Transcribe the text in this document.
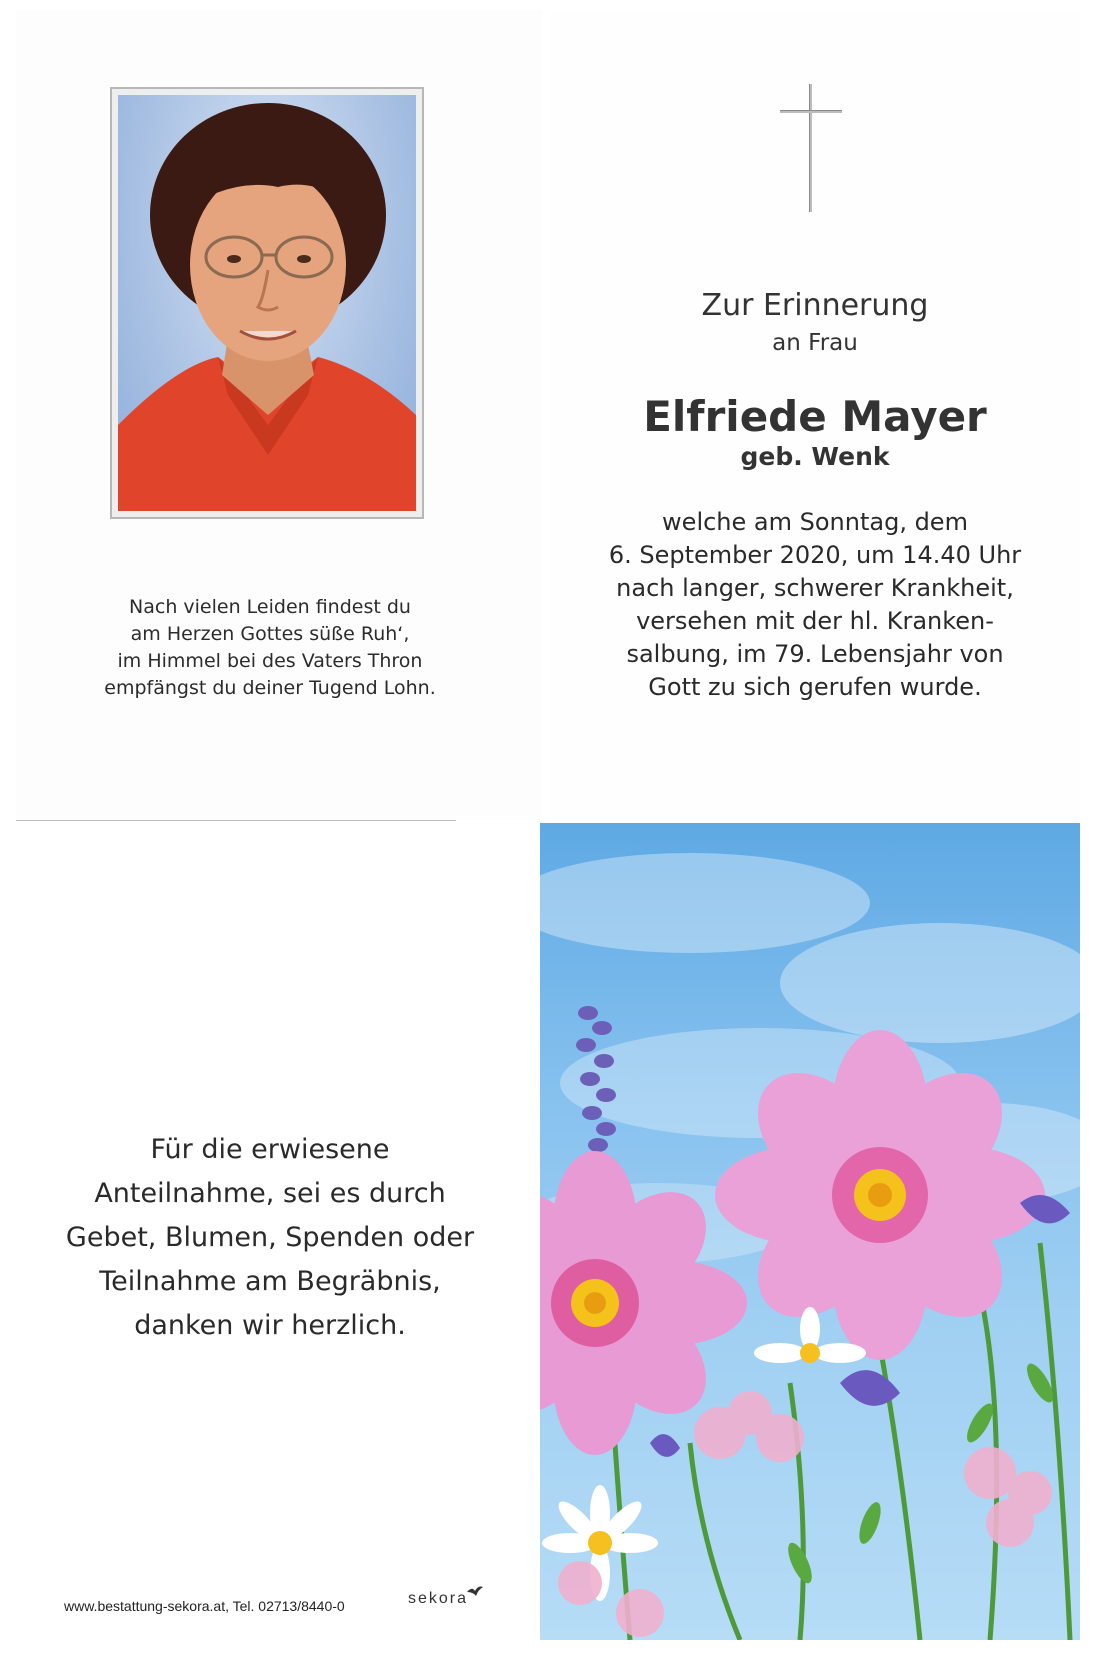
Nach vielen Leiden findest du
am Herzen Gottes süße Ruh‘,
im Himmel bei des Vaters Thron
empfängst du deiner Tugend Lohn.
Zur Erinnerung
an Frau
Elfriede Mayer
geb. Wenk
welche am Sonntag, dem
6. September 2020, um 14.40 Uhr
nach langer, schwerer Krankheit,
versehen mit der hl. Kranken-
salbung, im 79. Lebensjahr von
Gott zu sich gerufen wurde.
Für die erwiesene
Anteilnahme, sei es durch
Gebet, Blumen, Spenden oder
Teilnahme am Begräbnis,
danken wir herzlich.
www.bestattung-sekora.at, Tel. 02713/8440-0	sekora
